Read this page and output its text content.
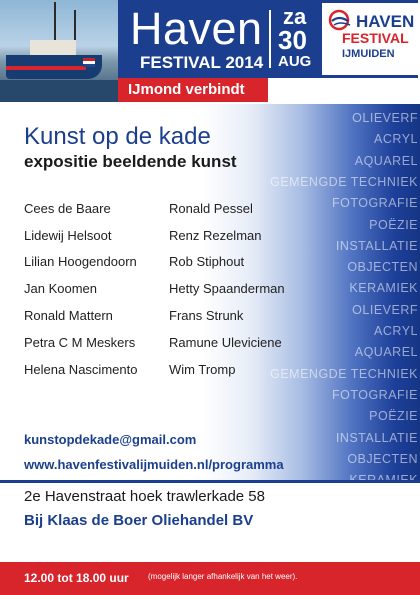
Haven
FESTIVAL 2014
za
30
AUG
HAVEN
FESTIVAL
IJMUIDEN
IJmond verbindt
OLIEVERF
ACRYL
AQUAREL
GEMENGDE TECHNIEK
FOTOGRAFIE
POËZIE
INSTALLATIE
OBJECTEN
KERAMIEK
OLIEVERF
ACRYL
AQUAREL
GEMENGDE TECHNIEK
FOTOGRAFIE
POËZIE
INSTALLATIE
OBJECTEN
Kunst op de kade
expositie beeldende kunst
Cees de Baare
Lidewij Helsoot
Lilian Hoogendoorn
Jan Koomen
Ronald Mattern
Petra C M Meskers
Helena Nascimento
Ronald Pessel
Renz Rezelman
Rob Stiphout
Hetty Spaanderman
Frans Strunk
Ramune Uleviciene
Wim Tromp
kunstopdekade@gmail.com
www.havenfestivalijmuiden.nl/programma
2e Havenstraat hoek trawlerkade 58
Bij Klaas de Boer Oliehandel BV
12.00 tot 18.00 uur (mogelijk langer afhankelijk van het weer).
